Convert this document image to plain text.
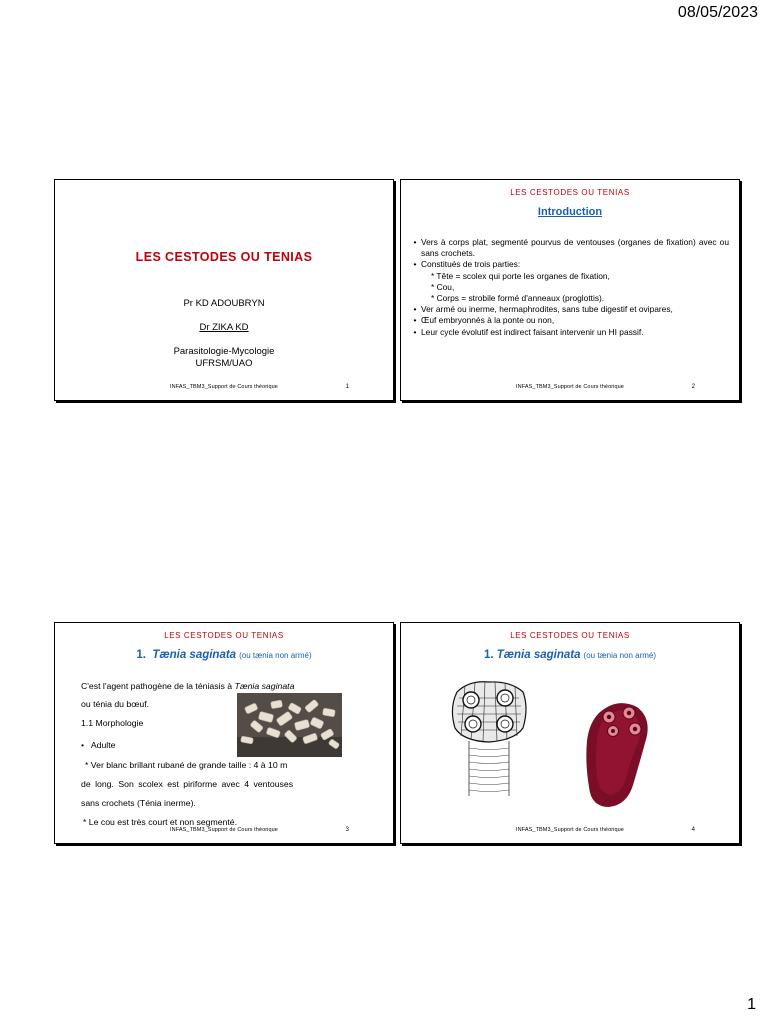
08/05/2023
LES CESTODES OU TENIAS
Pr KD ADOUBRYN
Dr ZIKA KD
Parasitologie-Mycologie
UFRSM/UAO
INFAS_TBM3_Support de Cours théorique	1
LES CESTODES OU TENIAS
Introduction
• Vers à corps plat, segmenté pourvus de ventouses (organes de fixation) avec ou sans crochets.
• Constitués de trois parties:
* Tête = scolex qui porte les organes de fixation,
* Cou,
* Corps = strobile formé d'anneaux (proglottis).
• Ver armé ou inerme, hermaphrodites, sans tube digestif et ovipares,
• Œuf embryonnés à la ponte ou non,
• Leur cycle évolutif est indirect faisant intervenir un HI passif.
INFAS_TBM3_Support de Cours théorique	2
LES CESTODES OU TENIAS
1. Tænia saginata (ou tænia non armé)
C'est l'agent pathogène de la téniasis à Tænia saginata
ou ténia du bœuf.
1.1 Morphologie
• Adulte
* Ver blanc brillant rubané de grande taille : 4 à 10 m
de long. Son scolex est piriforme avec 4 ventouses
sans crochets (Ténia inerme).
* Le cou est très court et non segmenté.
INFAS_TBM3_Support de Cours théorique	3
LES CESTODES OU TENIAS
1. Tænia saginata (ou tænia non armé)
INFAS_TBM3_Support de Cours théorique	4
1
